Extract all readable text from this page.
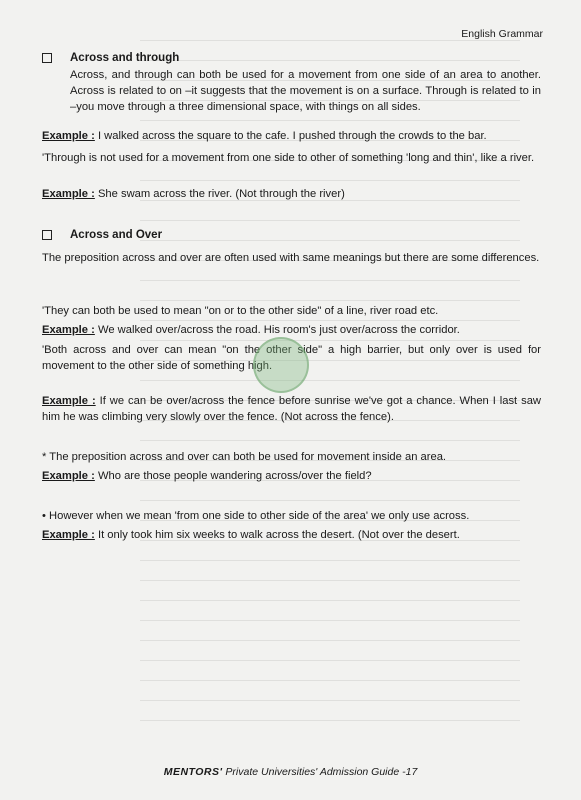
English Grammar
Across and through
Across, and through can both be used for a movement from one side of an area to another. Across is related to on –it suggests that the movement is on a surface. Through is related to in –you move through a three dimensional space, with things on all sides.
Example : I walked across the square to the cafe. I pushed through the crowds to the bar.
'Through is not used for a movement from one side to other of something 'long and thin', like a river.
Example : She swam across the river. (Not through the river)
Across and Over
The preposition across and over are often used with same meanings but there are some differences.
'They can both be used to mean "on or to the other side" of a line, river road etc.
Example : We walked over/across the road. His room's just over/across the corridor.
'Both across and over can mean "on the other side" a high barrier, but only over is used for movement to the other side of something high.
Example : If we can be over/across the fence before sunrise we've got a chance. When I last saw him he was climbing very slowly over the fence. (Not across the fence).
* The preposition across and over can both be used for movement inside an area.
Example : Who are those people wandering across/over the field?
• However when we mean 'from one side to other side of the area' we only use across.
Example : It only took him six weeks to walk across the desert. (Not over the desert.
MENTORS' Private Universities' Admission Guide -17
